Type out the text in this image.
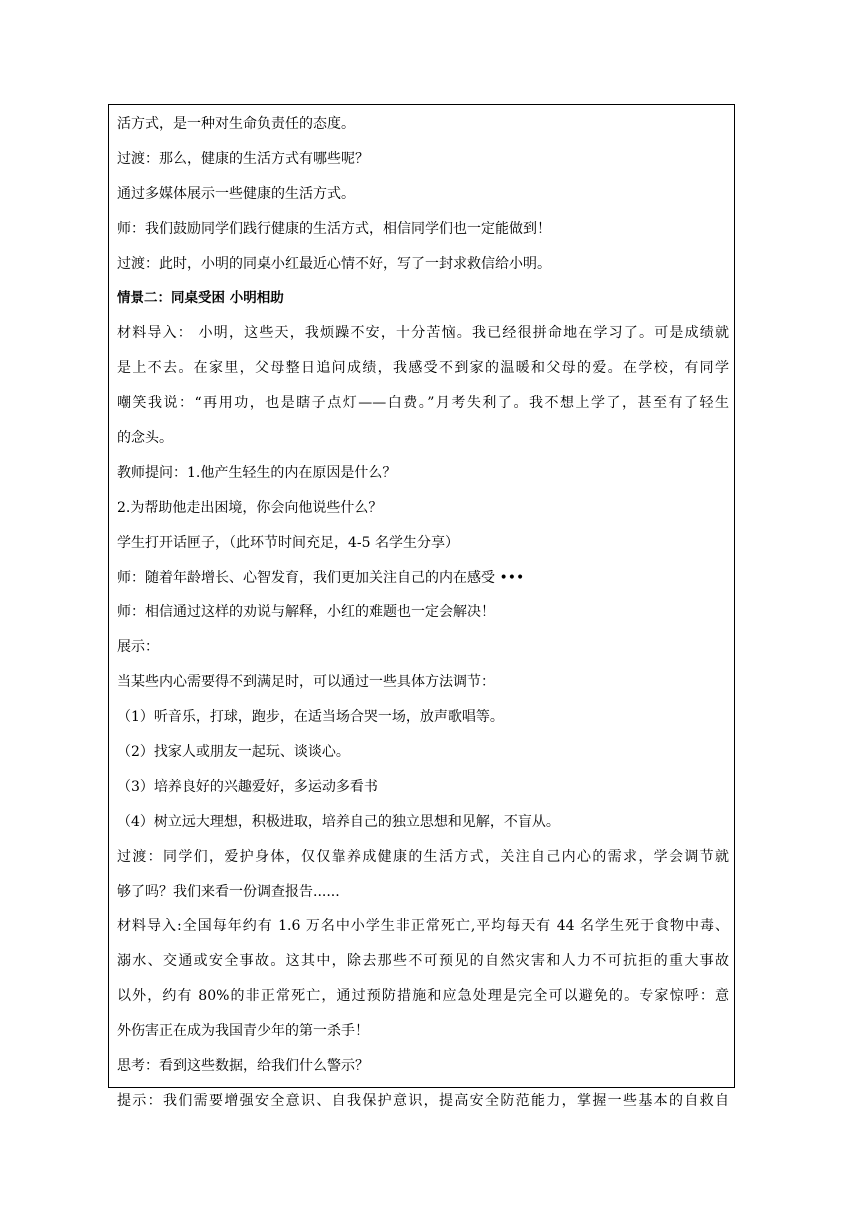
活方式，是一种对生命负责任的态度。
过渡：那么，健康的生活方式有哪些呢？
通过多媒体展示一些健康的生活方式。
师：我们鼓励同学们践行健康的生活方式，相信同学们也一定能做到！
过渡：此时，小明的同桌小红最近心情不好，写了一封求救信给小明。
情景二：同桌受困 小明相助
材料导入： 小明，这些天，我烦躁不安，十分苦恼。我已经很拼命地在学习了。可是成绩就
是上不去。在家里，父母整日追问成绩，我感受不到家的温暖和父母的爱。在学校，有同学
嘲笑我说：“再用功，也是瞎子点灯——白费。”月考失利了。我不想上学了，甚至有了轻生
的念头。
教师提问：1.他产生轻生的内在原因是什么？
2.为帮助他走出困境，你会向他说些什么？
学生打开话匣子，（此环节时间充足，4-5 名学生分享）
师：随着年龄增长、心智发育，我们更加关注自己的内在感受 •••
师：相信通过这样的劝说与解释，小红的难题也一定会解决！
展示：
当某些内心需要得不到满足时，可以通过一些具体方法调节：
（1）听音乐，打球，跑步，在适当场合哭一场，放声歌唱等。
（2）找家人或朋友一起玩、谈谈心。
（3）培养良好的兴趣爱好，多运动多看书
（4）树立远大理想，积极进取，培养自己的独立思想和见解，不盲从。
过渡：同学们，爱护身体，仅仅靠养成健康的生活方式，关注自己内心的需求，学会调节就
够了吗？我们来看一份调查报告......
材料导入:全国每年约有 1.6 万名中小学生非正常死亡,平均每天有 44 名学生死于食物中毒、
溺水、交通或安全事故。这其中，除去那些不可预见的自然灾害和人力不可抗拒的重大事故
以外，约有 80%的非正常死亡，通过预防措施和应急处理是完全可以避免的。专家惊呼：意
外伤害正在成为我国青少年的第一杀手！
思考：看到这些数据，给我们什么警示？
提示：我们需要增强安全意识、自我保护意识，提高安全防范能力，掌握一些基本的自救自
